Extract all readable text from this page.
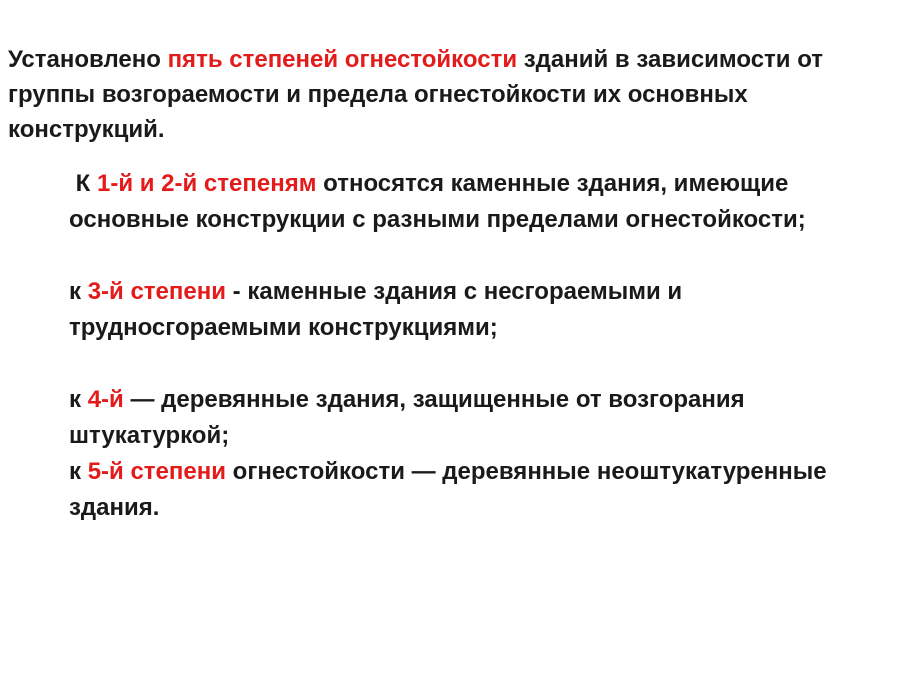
Установлено пять степеней огнестойкости зданий в зависимости от группы возгораемости и предела огнестойкости их основных конструкций.

К 1-й и 2-й степеням относятся каменные здания, имеющие основные конструкции с разными пределами огнестойкости;

к 3-й степени - каменные здания с несгораемыми и трудносгораемыми конструкциями;

к 4-й — деревянные здания, защищенные от возгорания штукатуркой;

к 5-й степени огнестойкости — деревянные неоштукатуренные здания.
